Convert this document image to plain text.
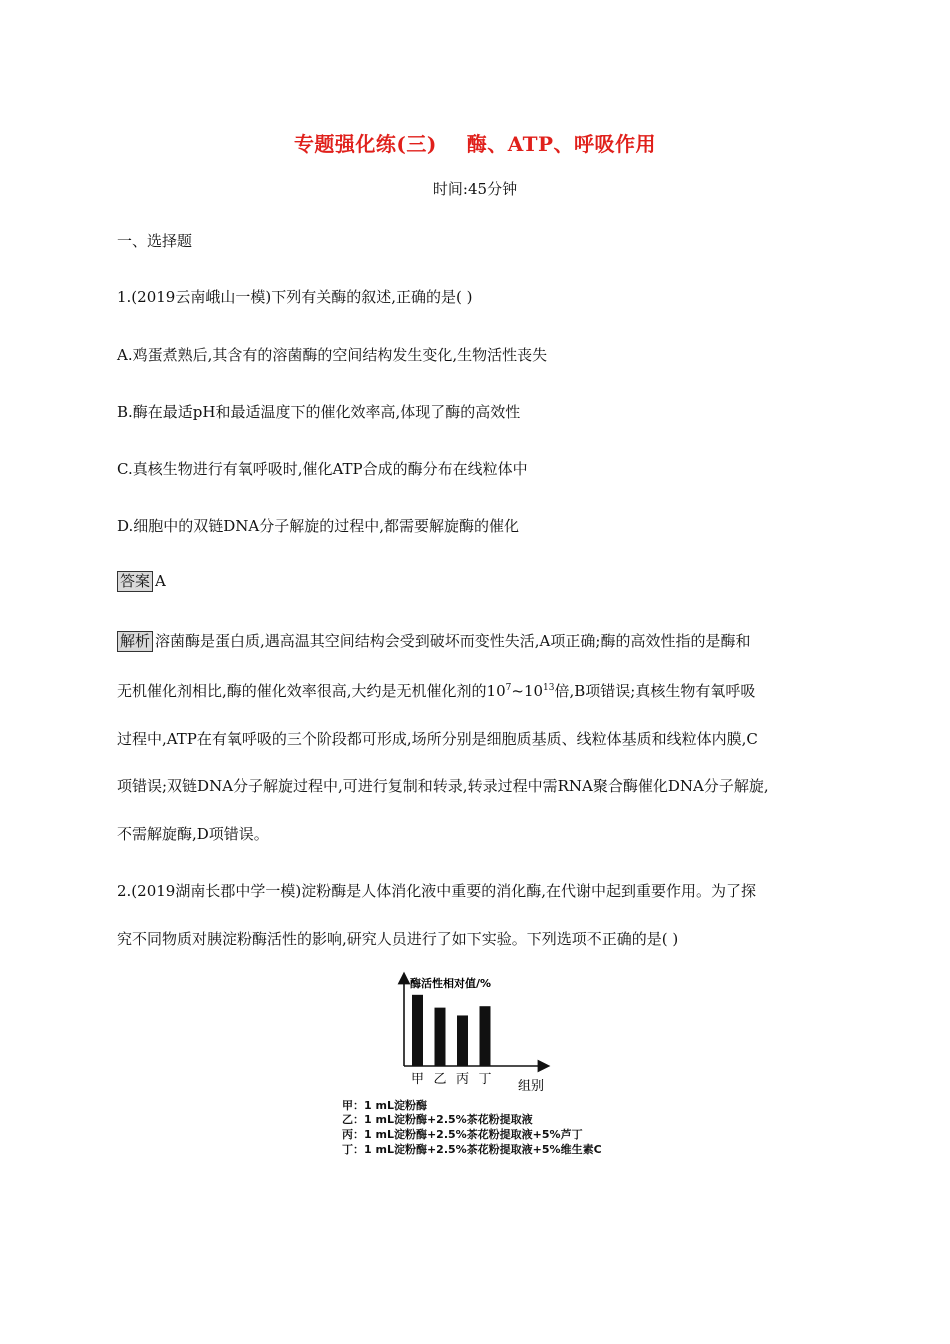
专题强化练(三)    酶、ATP、呼吸作用
时间:45分钟
一、选择题
1.(2019云南峨山一模)下列有关酶的叙述,正确的是( )
A.鸡蛋煮熟后,其含有的溶菌酶的空间结构发生变化,生物活性丧失
B.酶在最适pH和最适温度下的催化效率高,体现了酶的高效性
C.真核生物进行有氧呼吸时,催化ATP合成的酶分布在线粒体中
D.细胞中的双链DNA分子解旋的过程中,都需要解旋酶的催化
答案 A
解析 溶菌酶是蛋白质,遇高温其空间结构会受到破坏而变性失活,A项正确;酶的高效性指的是酶和
无机催化剂相比,酶的催化效率很高,大约是无机催化剂的$10^7\sim 10^{13}$倍,B项错误;真核生物有氧呼吸
过程中,ATP在有氧呼吸的三个阶段都可形成,场所分别是细胞质基质、线粒体基质和线粒体内膜,C
项错误;双链DNA分子解旋过程中,可进行复制和转录,转录过程中需RNA聚合酶催化DNA分子解旋,
不需解旋酶,D项错误。
2.(2019湖南长郡中学一模)淀粉酶是人体消化液中重要的消化酶,在代谢中起到重要作用。为了探
究不同物质对胰淀粉酶活性的影响,研究人员进行了如下实验。下列选项不正确的是( )
酶活性相对值/%
甲 乙 丙 丁 组别
甲：1 mL淀粉酶
乙：1 mL淀粉酶+2.5%茶花粉提取液
丙：1 mL淀粉酶+2.5%茶花粉提取液+5%芦丁
丁：1 mL淀粉酶+2.5%茶花粉提取液+5%维生素C
